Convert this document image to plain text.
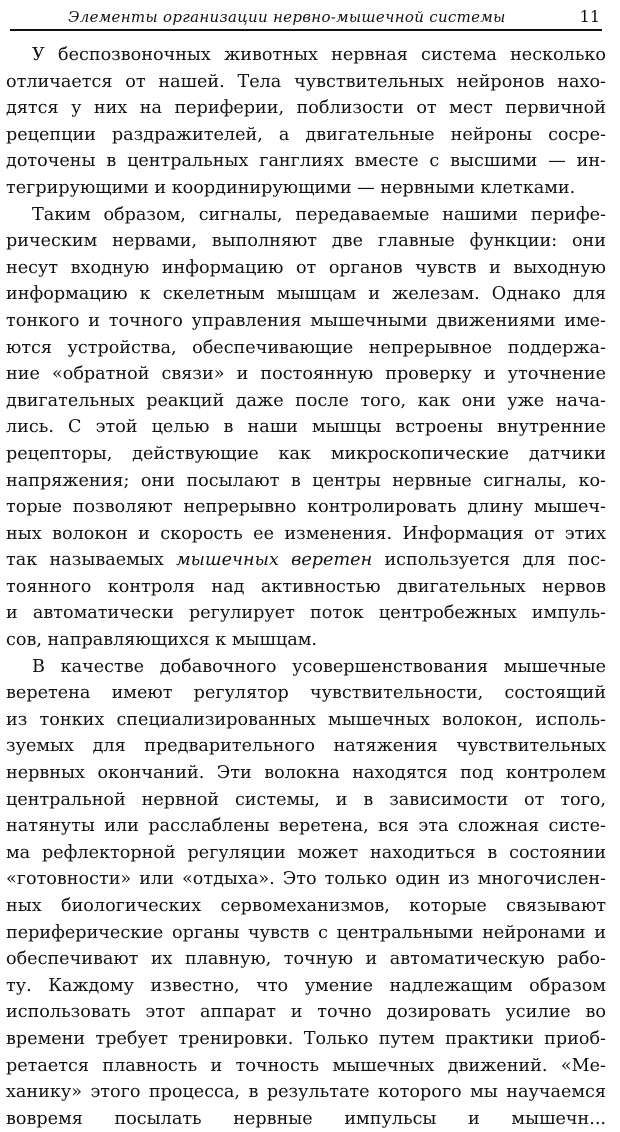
Элементы организации нервно-мышечной системы	11
У беспозвоночных животных нервная система несколько
отличается от нашей. Тела чувствительных нейронов нахо-
дятся у них на периферии, поблизости от мест первичной
рецепции раздражителей, а двигательные нейроны сосре-
доточены в центральных ганглиях вместе с высшими — ин-
тегрирующими и координирующими — нервными клетками.
Таким образом, сигналы, передаваемые нашими перифе-
рическим нервами, выполняют две главные функции: они
несут входную информацию от органов чувств и выходную
информацию к скелетным мышцам и железам. Однако для
тонкого и точного управления мышечными движениями име-
ются устройства, обеспечивающие непрерывное поддержа-
ние «обратной связи» и постоянную проверку и уточнение
двигательных реакций даже после того, как они уже нача-
лись. С этой целью в наши мышцы встроены внутренние
рецепторы, действующие как микроскопические датчики
напряжения; они посылают в центры нервные сигналы, ко-
торые позволяют непрерывно контролировать длину мышеч-
ных волокон и скорость ее изменения. Информация от этих
так называемых мышечных веретен используется для пос-
тоянного контроля над активностью двигательных нервов
и автоматически регулирует поток центробежных импуль-
сов, направляющихся к мышцам.
В качестве добавочного усовершенствования мышечные
веретена имеют регулятор чувствительности, состоящий
из тонких специализированных мышечных волокон, исполь-
зуемых для предварительного натяжения чувствительных
нервных окончаний. Эти волокна находятся под контролем
центральной нервной системы, и в зависимости от того,
натянуты или расслаблены веретена, вся эта сложная систе-
ма рефлекторной регуляции может находиться в состоянии
«готовности» или «отдыха». Это только один из многочислен-
ных биологических сервомеханизмов, которые связывают
периферические органы чувств с центральными нейронами и
обеспечивают их плавную, точную и автоматическую рабо-
ту. Каждому известно, что умение надлежащим образом
использовать этот аппарат и точно дозировать усилие во
времени требует тренировки. Только путем практики приоб-
ретается плавность и точность мышечных движений. «Ме-
ханику» этого процесса, в результате которого мы научаемся
вовремя посылать нервные импульсы и мышечн...
